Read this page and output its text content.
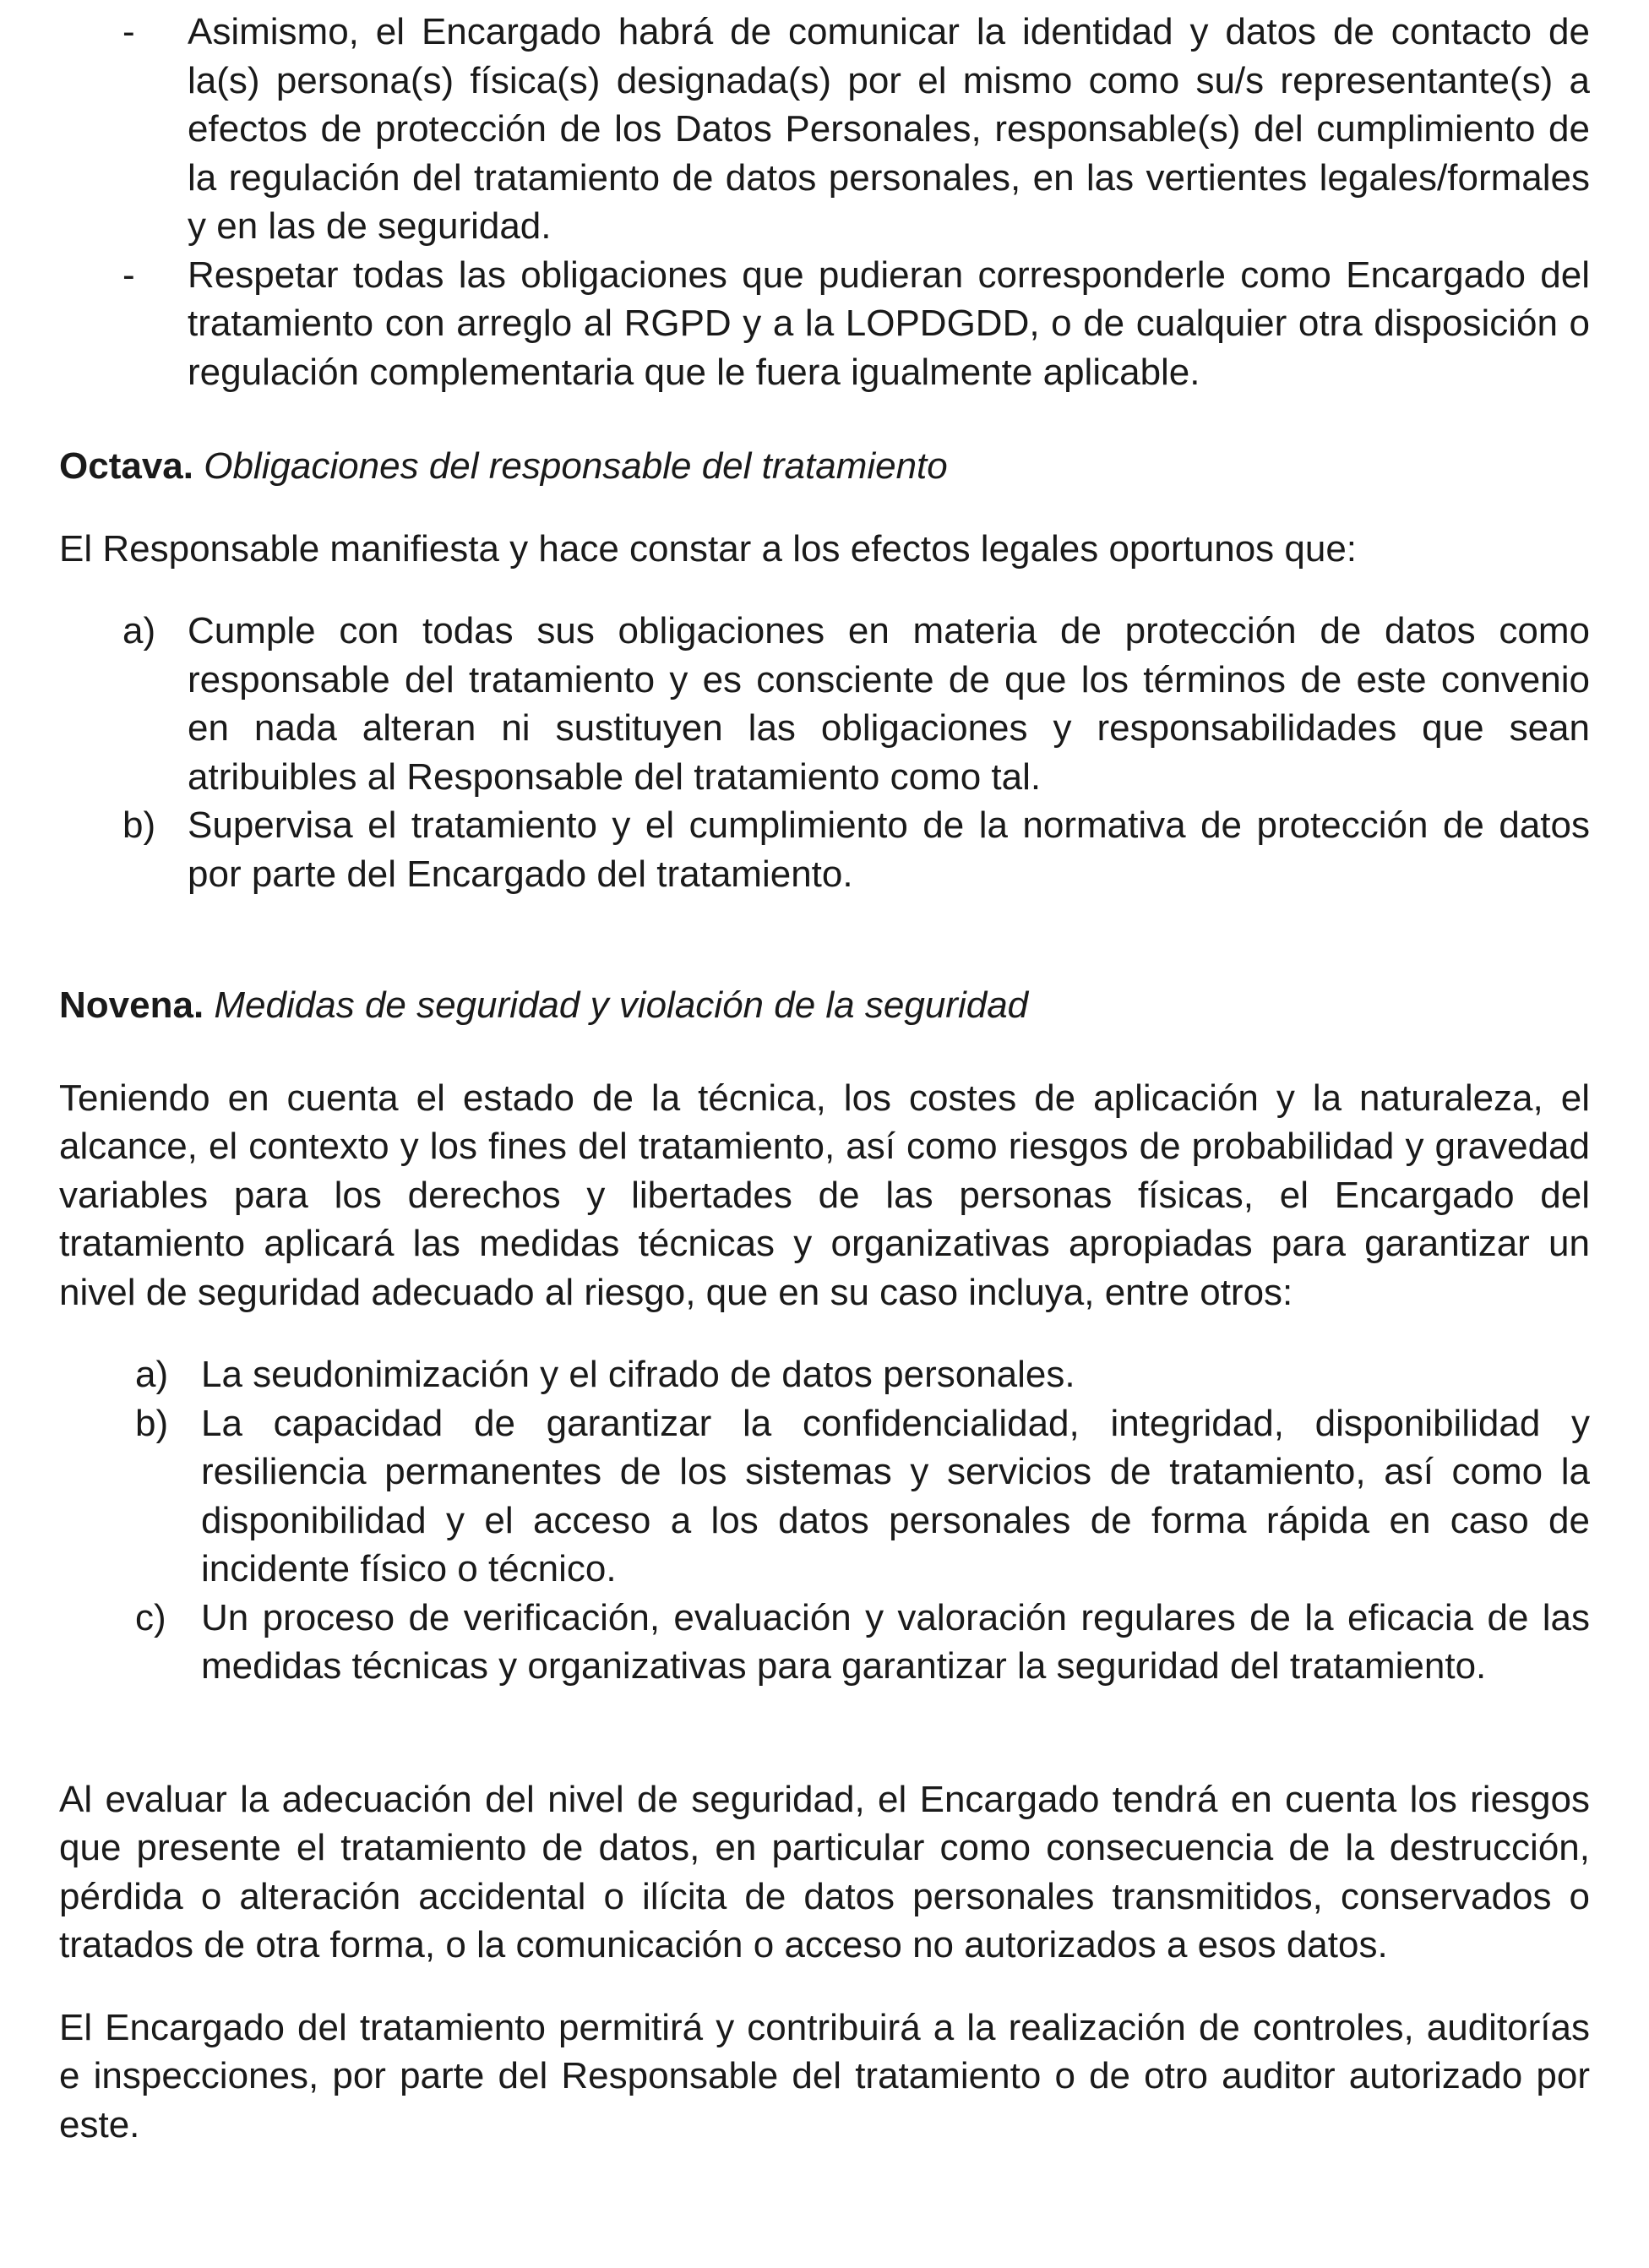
- Asimismo, el Encargado habrá de comunicar la identidad y datos de contacto de la(s) persona(s) física(s) designada(s) por el mismo como su/s representante(s) a efectos de protección de los Datos Personales, responsable(s) del cumplimiento de la regulación del tratamiento de datos personales, en las vertientes legales/formales y en las de seguridad.

- Respetar todas las obligaciones que pudieran corresponderle como Encargado del tratamiento con arreglo al RGPD y a la LOPDGDD, o de cualquier otra disposición o regulación complementaria que le fuera igualmente aplicable.

Octava. Obligaciones del responsable del tratamiento

El Responsable manifiesta y hace constar a los efectos legales oportunos que:

a) Cumple con todas sus obligaciones en materia de protección de datos como responsable del tratamiento y es consciente de que los términos de este convenio en nada alteran ni sustituyen las obligaciones y responsabilidades que sean atribuibles al Responsable del tratamiento como tal.

b) Supervisa el tratamiento y el cumplimiento de la normativa de protección de datos por parte del Encargado del tratamiento.

Novena. Medidas de seguridad y violación de la seguridad

Teniendo en cuenta el estado de la técnica, los costes de aplicación y la naturaleza, el alcance, el contexto y los fines del tratamiento, así como riesgos de probabilidad y gravedad variables para los derechos y libertades de las personas físicas, el Encargado del tratamiento aplicará las medidas técnicas y organizativas apropiadas para garantizar un nivel de seguridad adecuado al riesgo, que en su caso incluya, entre otros:

a) La seudonimización y el cifrado de datos personales.

b) La capacidad de garantizar la confidencialidad, integridad, disponibilidad y resiliencia permanentes de los sistemas y servicios de tratamiento, así como la disponibilidad y el acceso a los datos personales de forma rápida en caso de incidente físico o técnico.

c) Un proceso de verificación, evaluación y valoración regulares de la eficacia de las medidas técnicas y organizativas para garantizar la seguridad del tratamiento.

Al evaluar la adecuación del nivel de seguridad, el Encargado tendrá en cuenta los riesgos que presente el tratamiento de datos, en particular como consecuencia de la destrucción, pérdida o alteración accidental o ilícita de datos personales transmitidos, conservados o tratados de otra forma, o la comunicación o acceso no autorizados a esos datos.

El Encargado del tratamiento permitirá y contribuirá a la realización de controles, auditorías e inspecciones, por parte del Responsable del tratamiento o de otro auditor autorizado por este.
